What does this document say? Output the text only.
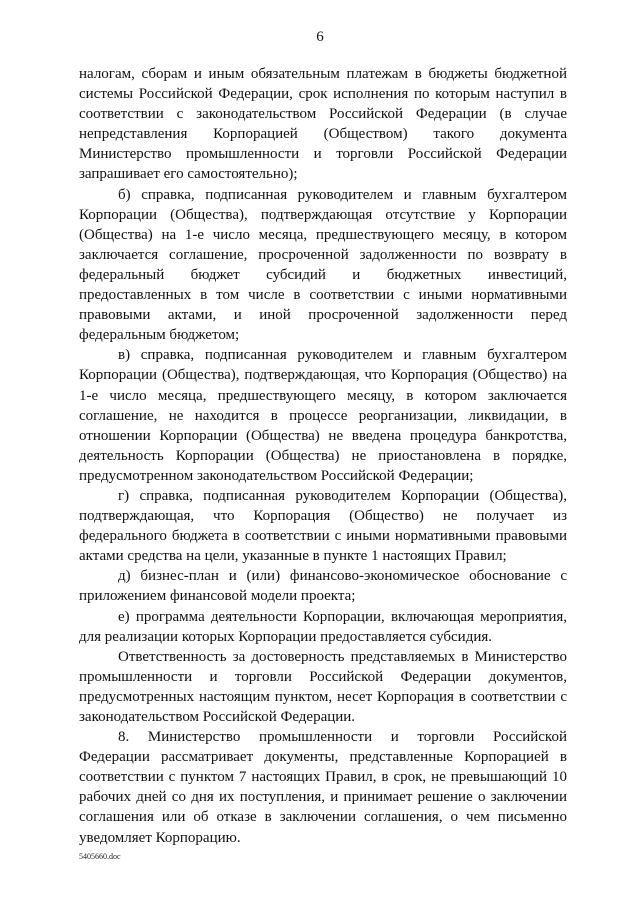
6

налогам, сборам и иным обязательным платежам в бюджеты бюджетной системы Российской Федерации, срок исполнения по которым наступил в соответствии с законодательством Российской Федерации (в случае непредставления Корпорацией (Обществом) такого документа Министерство промышленности и торговли Российской Федерации запрашивает его самостоятельно);

б) справка, подписанная руководителем и главным бухгалтером Корпорации (Общества), подтверждающая отсутствие у Корпорации (Общества) на 1-е число месяца, предшествующего месяцу, в котором заключается соглашение, просроченной задолженности по возврату в федеральный бюджет субсидий и бюджетных инвестиций, предоставленных в том числе в соответствии с иными нормативными правовыми актами, и иной просроченной задолженности перед федеральным бюджетом;

в) справка, подписанная руководителем и главным бухгалтером Корпорации (Общества), подтверждающая, что Корпорация (Общество) на 1-е число месяца, предшествующего месяцу, в котором заключается соглашение, не находится в процессе реорганизации, ликвидации, в отношении Корпорации (Общества) не введена процедура банкротства, деятельность Корпорации (Общества) не приостановлена в порядке, предусмотренном законодательством Российской Федерации;

г) справка, подписанная руководителем Корпорации (Общества), подтверждающая, что Корпорация (Общество) не получает из федерального бюджета в соответствии с иными нормативными правовыми актами средства на цели, указанные в пункте 1 настоящих Правил;

д) бизнес-план и (или) финансово-экономическое обоснование с приложением финансовой модели проекта;

е) программа деятельности Корпорации, включающая мероприятия, для реализации которых Корпорации предоставляется субсидия.

Ответственность за достоверность представляемых в Министерство промышленности и торговли Российской Федерации документов, предусмотренных настоящим пунктом, несет Корпорация в соответствии с законодательством Российской Федерации.

8. Министерство промышленности и торговли Российской Федерации рассматривает документы, представленные Корпорацией в соответствии с пунктом 7 настоящих Правил, в срок, не превышающий 10 рабочих дней со дня их поступления, и принимает решение о заключении соглашения или об отказе в заключении соглашения, о чем письменно уведомляет Корпорацию.

5405660.doc
